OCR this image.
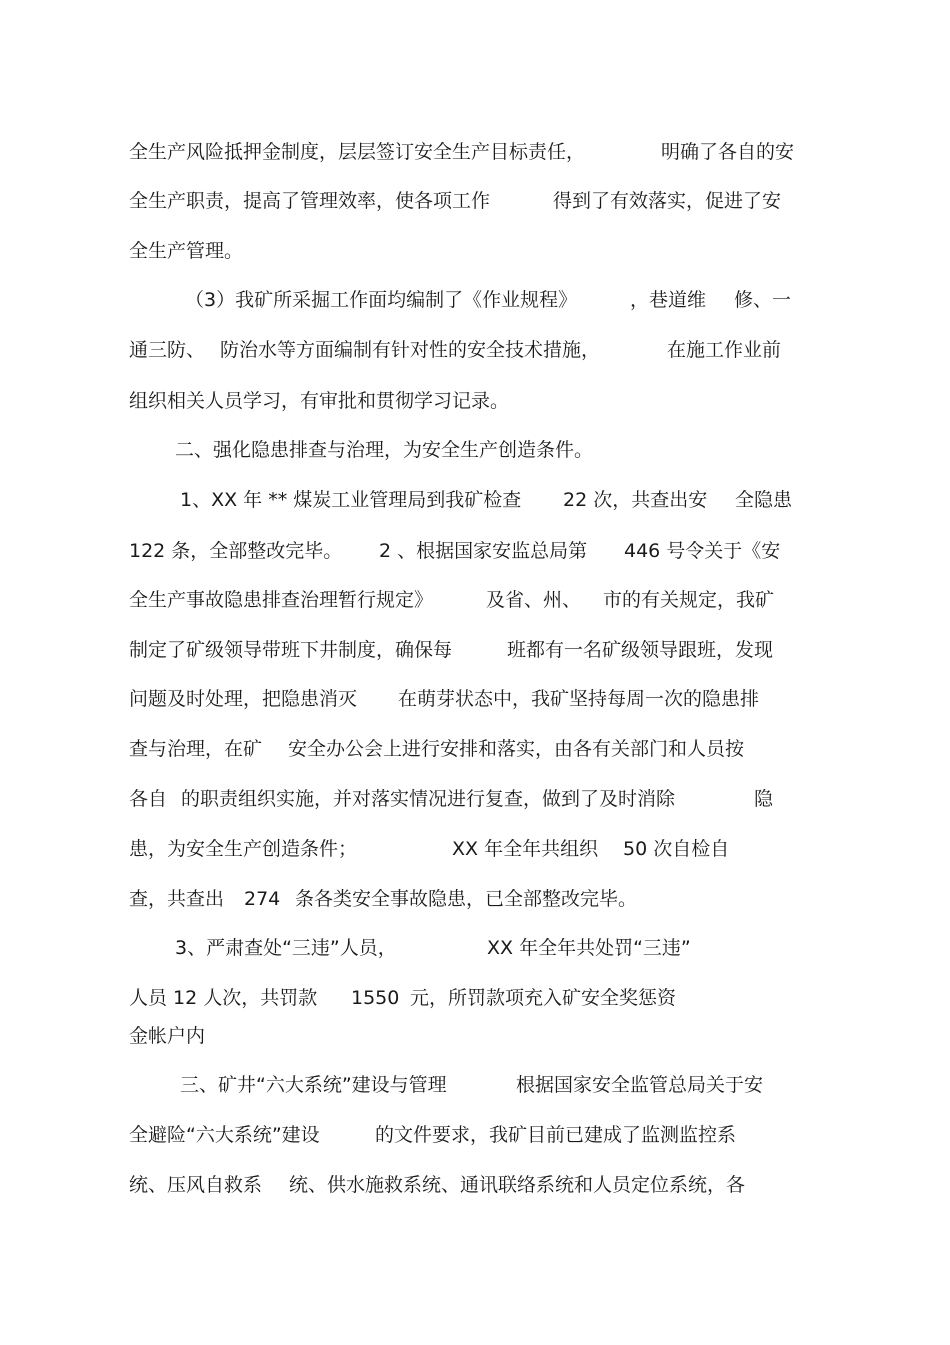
全生产风险抵押金制度，层层签订安全生产目标责任，	明确了各自的安
全生产职责，提高了管理效率，使各项工作	得到了有效落实，促进了安
全生产管理。
（3）我矿所采掘工作面均编制了《作业规程》	，巷道维 修、一
通三防、 防治水等方面编制有针对性的安全技术措施，	在施工作业前
组织相关人员学习，有审批和贯彻学习记录。
二、强化隐患排查与治理，为安全生产创造条件。
1、XX 年 ** 煤炭工业管理局到我矿检查 22 次，共查出安 全隐患
122 条，全部整改完毕。 2 、根据国家安监总局第 446 号令关于《安
全生产事故隐患排查治理暂行规定》	及省、州、 市的有关规定，我矿
制定了矿级领导带班下井制度，确保每	班都有一名矿级领导跟班，发现
问题及时处理，把隐患消灭 在萌芽状态中，我矿坚持每周一次的隐患排
查与治理，在矿 安全办公会上进行安排和落实，由各有关部门和人员按
各自 的职责组织实施，并对落实情况进行复查，做到了及时消除	隐
患，为安全生产创造条件；	XX 年全年共组织 50 次自检自
查，共查出 274 条各类安全事故隐患，已全部整改完毕。
3、严肃查处“三违”人员，	XX 年全年共处罚“三违”
人员 12 人次，共罚款 1550 元，所罚款项充入矿安全奖惩资
金帐户内
三、矿井“六大系统”建设与管理	根据国家安全监管总局关于安
全避险“六大系统”建设	的文件要求，我矿目前已建成了监测监控系
统、压风自救系 统、供水施救系统、通讯联络系统和人员定位系统，各
